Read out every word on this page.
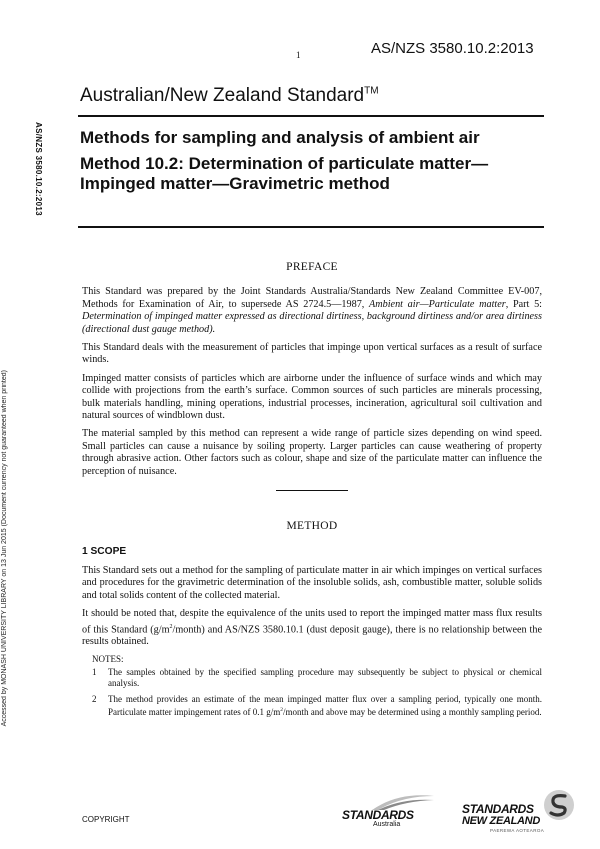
1	AS/NZS 3580.10.2:2013
Australian/New Zealand Standard™
Methods for sampling and analysis of ambient air
Method 10.2: Determination of particulate matter—Impinged matter—Gravimetric method
AS/NZS 3580.10.2:2013
Accessed by MONASH UNIVERSITY LIBRARY on 13 Jun 2015 (Document currency not guaranteed when printed)

PREFACE

This Standard was prepared by the Joint Standards Australia/Standards New Zealand Committee EV-007, Methods for Examination of Air, to supersede AS 2724.5—1987, Ambient air—Particulate matter, Part 5: Determination of impinged matter expressed as directional dirtiness, background dirtiness and/or area dirtiness (directional dust gauge method).

This Standard deals with the measurement of particles that impinge upon vertical surfaces as a result of surface winds.

Impinged matter consists of particles which are airborne under the influence of surface winds and which may collide with projections from the earth’s surface. Common sources of such particles are minerals processing, bulk materials handling, mining operations, industrial processes, incineration, agricultural soil cultivation and natural sources of windblown dust.

The material sampled by this method can represent a wide range of particle sizes depending on wind speed. Small particles can cause a nuisance by soiling property. Larger particles can cause weathering of property through abrasive action. Other factors such as colour, shape and size of the particulate matter can influence the perception of nuisance.

METHOD

1 SCOPE

This Standard sets out a method for the sampling of particulate matter in air which impinges on vertical surfaces and procedures for the gravimetric determination of the insoluble solids, ash, combustible matter, soluble solids and total solids content of the collected material.

It should be noted that, despite the equivalence of the units used to report the impinged matter mass flux results of this Standard $(g/m^2/month)$ and AS/NZS 3580.10.1 (dust deposit gauge), there is no relationship between the results obtained.

NOTES:

1	The samples obtained by the specified sampling procedure may subsequently be subject to physical or chemical analysis.
2	The method provides an estimate of the mean impinged matter flux over a sampling period, typically one month. Particulate matter impingement rates of 0.1 $g/m^2$/month and above may be determined using a monthly sampling period.
COPYRIGHT	STANDARDS
Australia
STANDARDS
NEW ZEALAND
PAEREWA AOTEAROA
